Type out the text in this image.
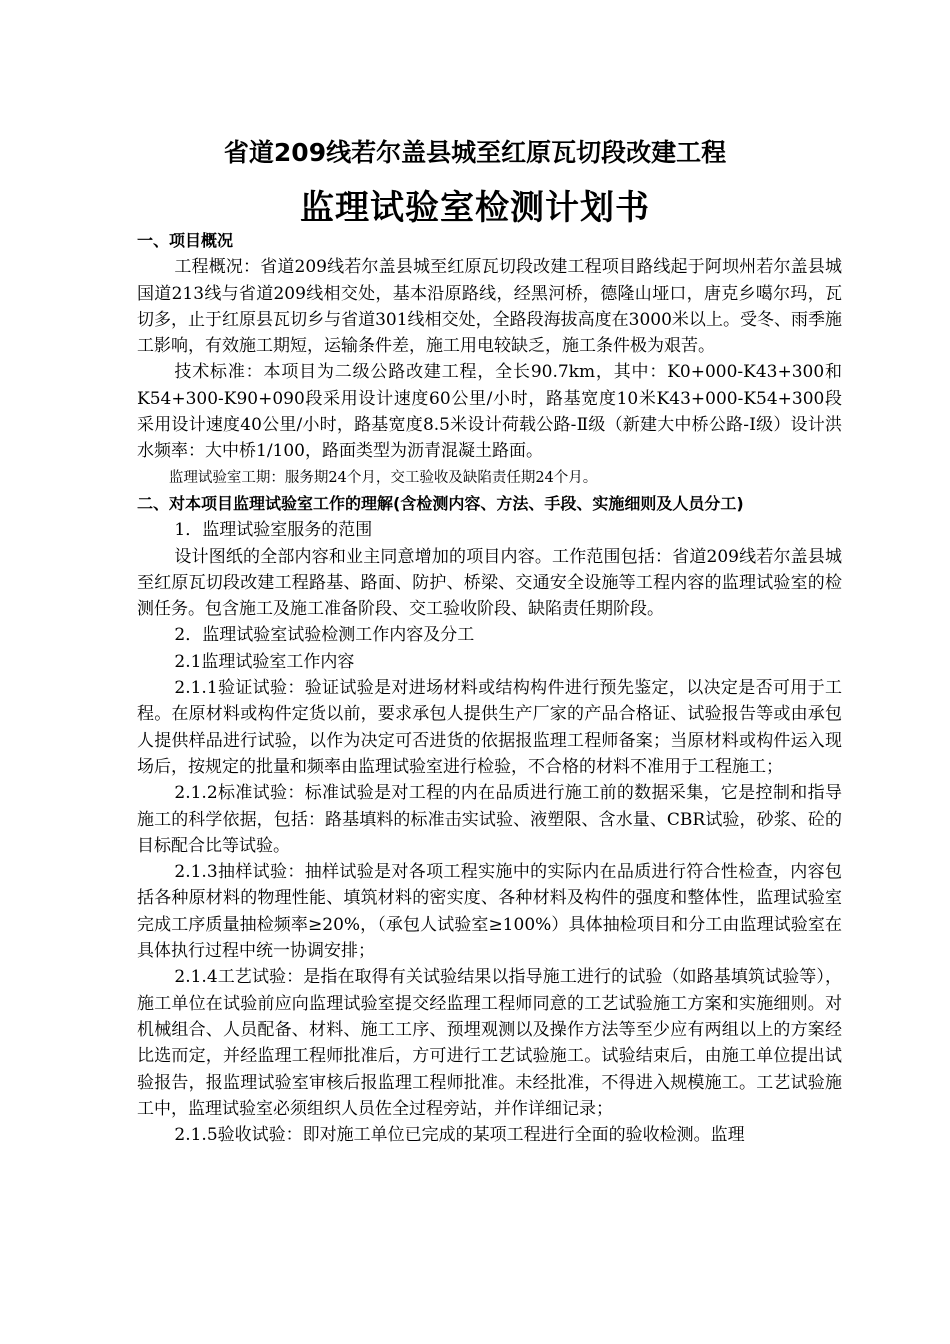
省道209线若尔盖县城至红原瓦切段改建工程
监理试验室检测计划书

一、项目概况

工程概况：省道209线若尔盖县城至红原瓦切段改建工程项目路线起于阿坝州若尔盖县城国道213线与省道209线相交处，基本沿原路线，经黑河桥，德隆山垭口，唐克乡噶尔玛，瓦切多，止于红原县瓦切乡与省道301线相交处，全路段海拔高度在3000米以上。受冬、雨季施工影响，有效施工期短，运输条件差，施工用电较缺乏，施工条件极为艰苦。

技术标准：本项目为二级公路改建工程，全长90.7km，其中：K0+000-K43+300和K54+300-K90+090段采用设计速度60公里/小时，路基宽度10米K43+000-K54+300段采用设计速度40公里/小时，路基宽度8.5米设计荷载公路-Ⅱ级（新建大中桥公路-Ⅰ级）设计洪水频率：大中桥1/100，路面类型为沥青混凝土路面。

监理试验室工期：服务期24个月，交工验收及缺陷责任期24个月。

二、对本项目监理试验室工作的理解(含检测内容、方法、手段、实施细则及人员分工)

1．监理试验室服务的范围

设计图纸的全部内容和业主同意增加的项目内容。工作范围包括：省道209线若尔盖县城至红原瓦切段改建工程路基、路面、防护、桥梁、交通安全设施等工程内容的监理试验室的检测任务。包含施工及施工准备阶段、交工验收阶段、缺陷责任期阶段。

2．监理试验室试验检测工作内容及分工

2.1监理试验室工作内容

2.1.1验证试验：验证试验是对进场材料或结构构件进行预先鉴定，以决定是否可用于工程。在原材料或构件定货以前，要求承包人提供生产厂家的产品合格证、试验报告等或由承包人提供样品进行试验，以作为决定可否进货的依据报监理工程师备案；当原材料或构件运入现场后，按规定的批量和频率由监理试验室进行检验，不合格的材料不准用于工程施工；

2.1.2标准试验：标准试验是对工程的内在品质进行施工前的数据采集，它是控制和指导施工的科学依据，包括：路基填料的标准击实试验、液塑限、含水量、CBR试验，砂浆、砼的目标配合比等试验。

2.1.3抽样试验：抽样试验是对各项工程实施中的实际内在品质进行符合性检查，内容包括各种原材料的物理性能、填筑材料的密实度、各种材料及构件的强度和整体性，监理试验室完成工序质量抽检频率≥20%，（承包人试验室≥100%）具体抽检项目和分工由监理试验室在具体执行过程中统一协调安排；

2.1.4工艺试验：是指在取得有关试验结果以指导施工进行的试验（如路基填筑试验等），施工单位在试验前应向监理试验室提交经监理工程师同意的工艺试验施工方案和实施细则。对机械组合、人员配备、材料、施工工序、预埋观测以及操作方法等至少应有两组以上的方案经比选而定，并经监理工程师批准后，方可进行工艺试验施工。试验结束后，由施工单位提出试验报告，报监理试验室审核后报监理工程师批准。未经批准，不得进入规模施工。工艺试验施工中，监理试验室必须组织人员佐全过程旁站，并作详细记录；

2.1.5验收试验：即对施工单位已完成的某项工程进行全面的验收检测。监理
